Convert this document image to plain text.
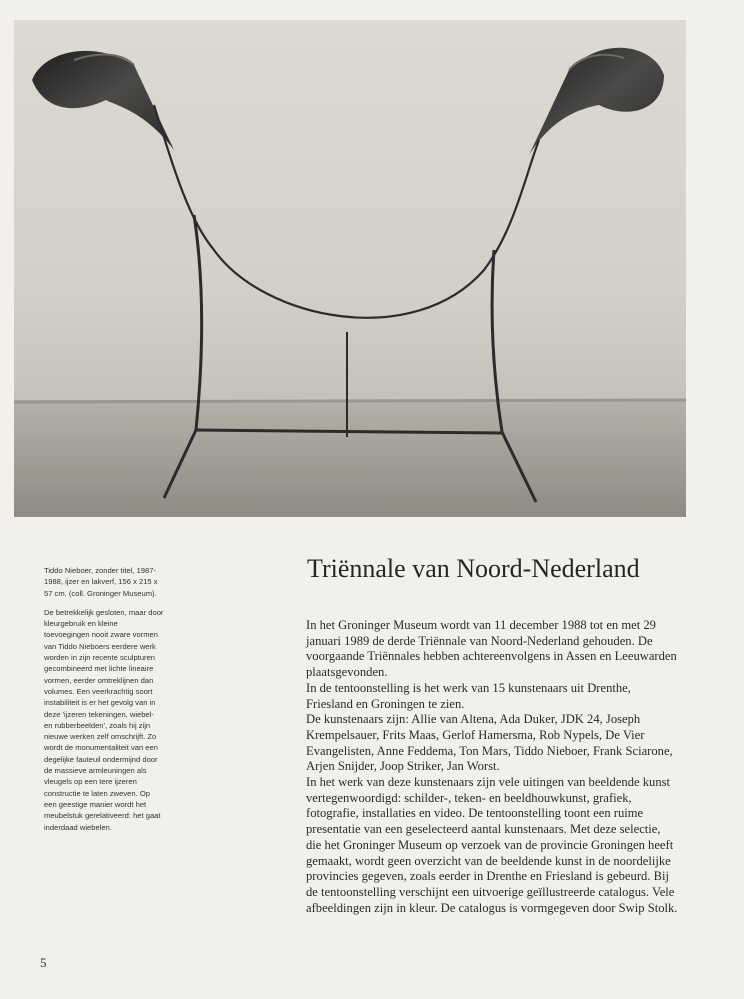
Tiddo Nieboer, zonder titel, 1987-1988, ijzer en lakverf, 156 x 215 x 57 cm. (coll. Groninger Museum).

De betrekkelijk gesloten, maar door kleurgebruik en kleine toevoegingen nooit zware vormen van Tiddo Nieboers eerdere werk worden in zijn recente sculpturen gecombineerd met lichte lineaire vormen, eerder omtreklijnen dan volumes. Een veerkrachtig soort instabiliteit is er het gevolg van in deze 'ijzeren tekeningen, wiebel- en rubberbeelden', zoals hij zijn nieuwe werken zelf omschrijft. Zo wordt de monumentaliteit van een degelijke fauteuil ondermijnd door de massieve armleuningen als vleugels op een tere ijzeren constructie te laten zweven. Op een geestige manier wordt het meubelstuk gerelativeerd: het gaat inderdaad wiebelen.

Triënnale van Noord-Nederland

In het Groninger Museum wordt van 11 december 1988 tot en met 29 januari 1989 de derde Triënnale van Noord-Nederland gehouden. De voorgaande Triënnales hebben achtereenvolgens in Assen en Leeuwarden plaatsgevonden.

In de tentoonstelling is het werk van 15 kunstenaars uit Drenthe, Friesland en Groningen te zien.

De kunstenaars zijn: Allie van Altena, Ada Duker, JDK 24, Joseph Krempelsauer, Frits Maas, Gerlof Hamersma, Rob Nypels, De Vier Evangelisten, Anne Feddema, Ton Mars, Tiddo Nieboer, Frank Sciarone, Arjen Snijder, Joop Striker, Jan Worst.

In het werk van deze kunstenaars zijn vele uitingen van beeldende kunst vertegenwoordigd: schilder-, teken- en beeldhouwkunst, grafiek, fotografie, installaties en video. De tentoonstelling toont een ruime presentatie van een geselecteerd aantal kunstenaars. Met deze selectie, die het Groninger Museum op verzoek van de provincie Groningen heeft gemaakt, wordt geen overzicht van de beeldende kunst in de noordelijke provincies gegeven, zoals eerder in Drenthe en Friesland is gebeurd. Bij de tentoonstelling verschijnt een uitvoerige geïllustreerde catalogus. Vele afbeeldingen zijn in kleur. De catalogus is vormgegeven door Swip Stolk.

5
